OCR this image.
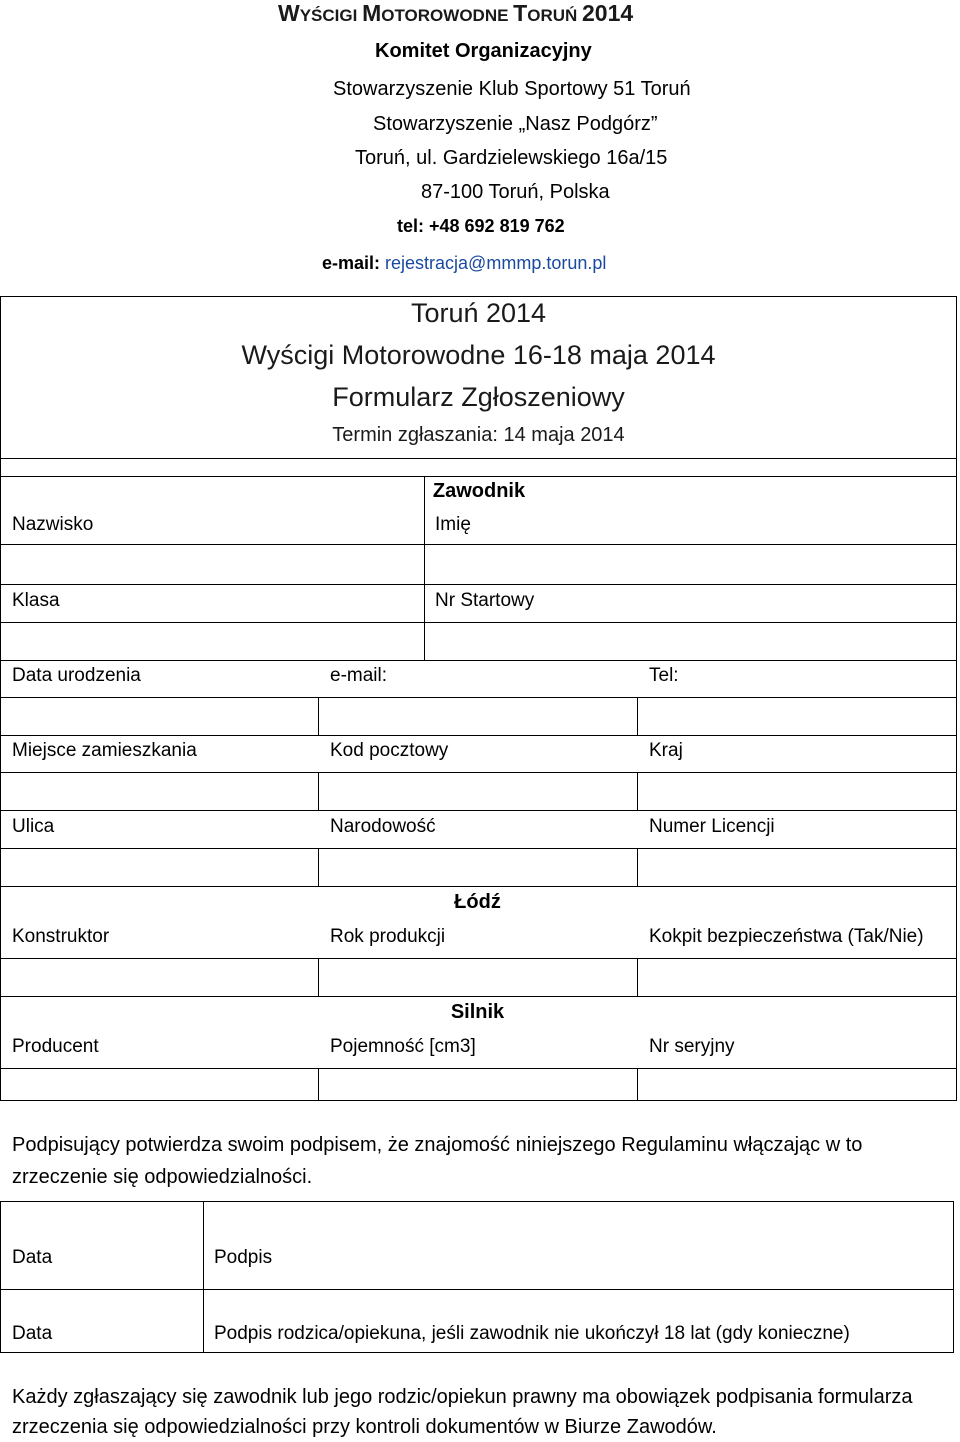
WYŚCIGI MOTOROWODNE TORUŃ 2014
Komitet Organizacyjny
Stowarzyszenie Klub Sportowy 51 Toruń
Stowarzyszenie „Nasz Podgórz”
Toruń, ul. Gardzielewskiego 16a/15
87-100 Toruń, Polska
tel: +48 692 819 762
e-mail: rejestracja@mmmp.torun.pl
Toruń 2014
Wyścigi Motorowodne 16-18 maja 2014
Formularz Zgłoszeniowy
Termin zgłaszania: 14 maja 2014
Zawodnik
Nazwisko	Imię
Klasa	Nr Startowy
Data urodzenia	e-mail:	Tel:
Miejsce zamieszkania	Kod pocztowy	Kraj
Ulica	Narodowość	Numer Licencji
Łódź
Konstruktor	Rok produkcji	Kokpit bezpieczeństwa (Tak/Nie)
Silnik
Producent	Pojemność [cm3]	Nr seryjny
Podpisujący potwierdza swoim podpisem, że znajomość niniejszego Regulaminu włączając w to
zrzeczenie się odpowiedzialności.
Data	Podpis
Data	Podpis rodzica/opiekuna, jeśli zawodnik nie ukończył 18 lat (gdy konieczne)
Każdy zgłaszający się zawodnik lub jego rodzic/opiekun prawny ma obowiązek podpisania formularza
zrzeczenia się odpowiedzialności przy kontroli dokumentów w Biurze Zawodów.
